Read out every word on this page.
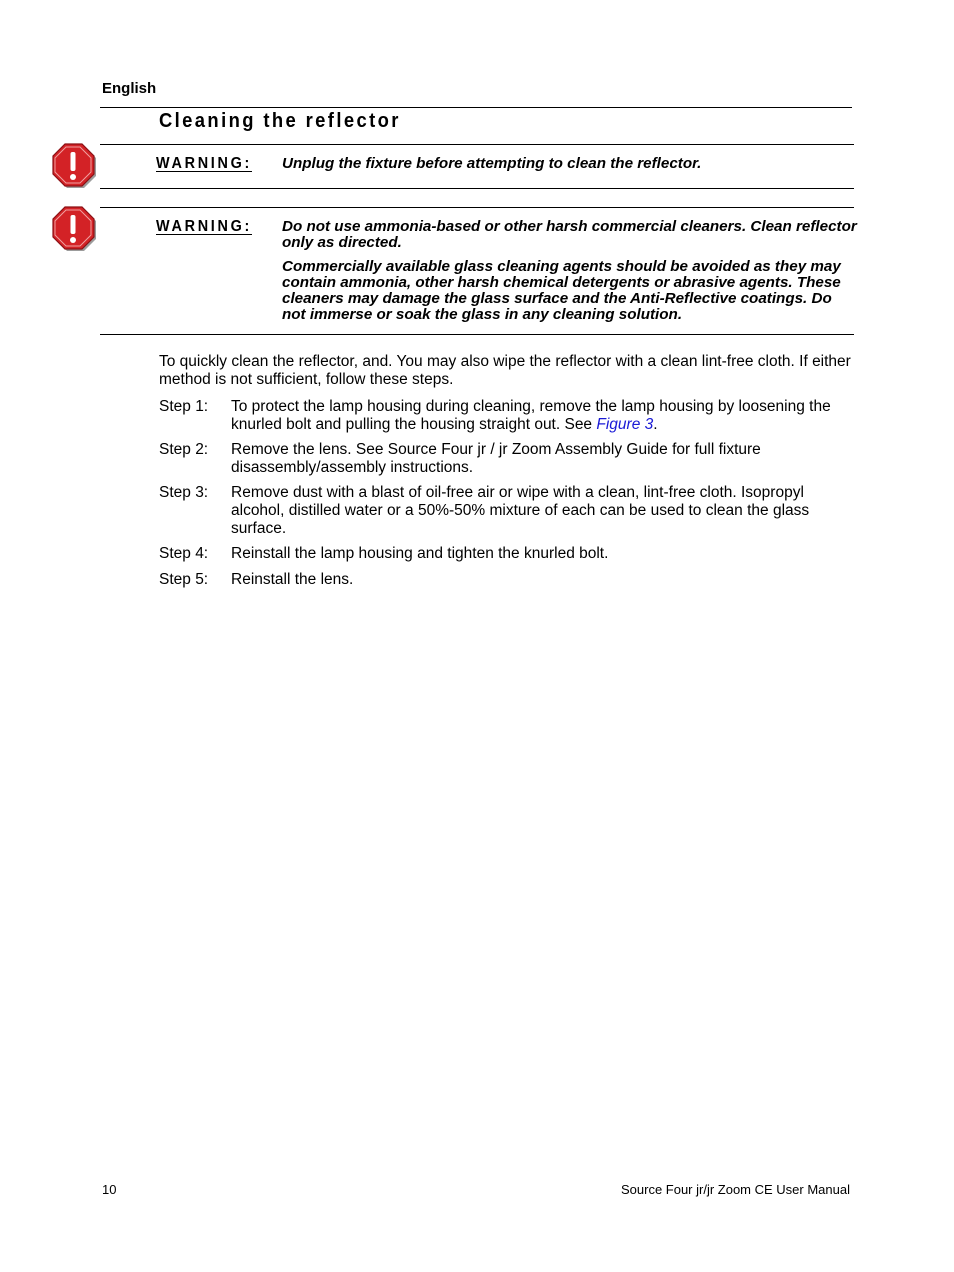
English
Cleaning the reflector
WARNING: Unplug the fixture before attempting to clean the reflector.

WARNING: Do not use ammonia-based or other harsh commercial cleaners. Clean reflector only as directed.

Commercially available glass cleaning agents should be avoided as they may contain ammonia, other harsh chemical detergents or abrasive agents. These cleaners may damage the glass surface and the Anti-Reflective coatings. Do not immerse or soak the glass in any cleaning solution.

To quickly clean the reflector, and. You may also wipe the reflector with a clean lint-free cloth. If either method is not sufficient, follow these steps.
Step 1: To protect the lamp housing during cleaning, remove the lamp housing by loosening the knurled bolt and pulling the housing straight out. See Figure 3.
Step 2: Remove the lens. See Source Four jr / jr Zoom Assembly Guide for full fixture disassembly/assembly instructions.
Step 3: Remove dust with a blast of oil-free air or wipe with a clean, lint-free cloth. Isopropyl alcohol, distilled water or a 50%-50% mixture of each can be used to clean the glass surface.
Step 4: Reinstall the lamp housing and tighten the knurled bolt.
Step 5: Reinstall the lens.
10	Source Four jr/jr Zoom CE User Manual
